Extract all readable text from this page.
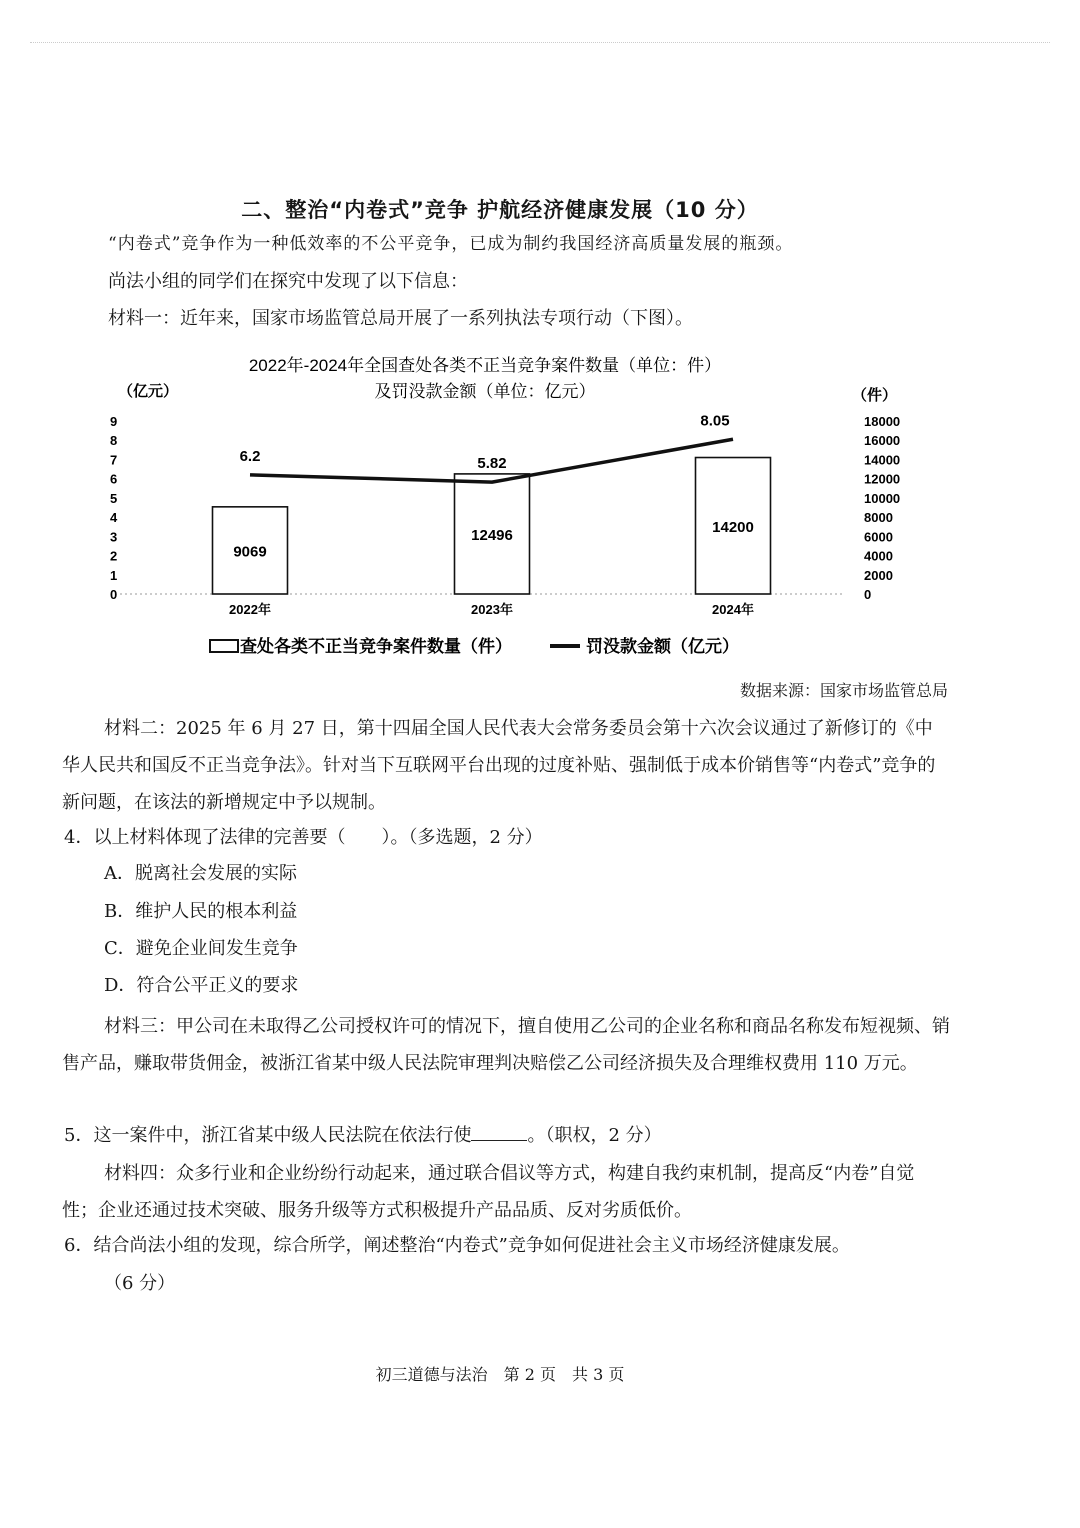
二、整治“内卷式”竞争 护航经济健康发展（10 分）
“内卷式”竞争作为一种低效率的不公平竞争，已成为制约我国经济高质量发展的瓶颈。
尚法小组的同学们在探究中发现了以下信息：
材料一：近年来，国家市场监管总局开展了一系列执法专项行动（下图）。
2022年-2024年全国查处各类不正当竞争案件数量（单位：件）
及罚没款金额（单位：亿元）
（亿元）	（件）
0
1
2
3
4
5
6
7
8
9
0
2000
4000
6000
8000
10000
12000
14000
16000
18000
9069
12496	14200
2022年	2023年	2024年
6.2	5.82
8.05
查处各类不正当竞争案件数量（件）	罚没款金额（亿元）
数据来源：国家市场监管总局
材料二：2025 年 6 月 27 日，第十四届全国人民代表大会常务委员会第十六次会议通过了新修订的《中华人民共和国反不正当竞争法》。针对当下互联网平台出现的过度补贴、强制低于成本价销售等“内卷式”竞争的新问题，在该法的新增规定中予以规制。
4．以上材料体现了法律的完善要（　　）。（多选题，2 分）
A．脱离社会发展的实际
B．维护人民的根本利益
C．避免企业间发生竞争
D．符合公平正义的要求
材料三：甲公司在未取得乙公司授权许可的情况下，擅自使用乙公司的企业名称和商品名称发布短视频、销售产品，赚取带货佣金，被浙江省某中级人民法院审理判决赔偿乙公司经济损失及合理维权费用 110 万元。
5．这一案件中，浙江省某中级人民法院在依法行使	。（职权，2 分）
材料四：众多行业和企业纷纷行动起来，通过联合倡议等方式，构建自我约束机制，提高反“内卷”自觉性；企业还通过技术突破、服务升级等方式积极提升产品品质、反对劣质低价。
6．结合尚法小组的发现，综合所学，阐述整治“内卷式”竞争如何促进社会主义市场经济健康发展。
（6 分）
初三道德与法治　第 2 页　共 3 页
